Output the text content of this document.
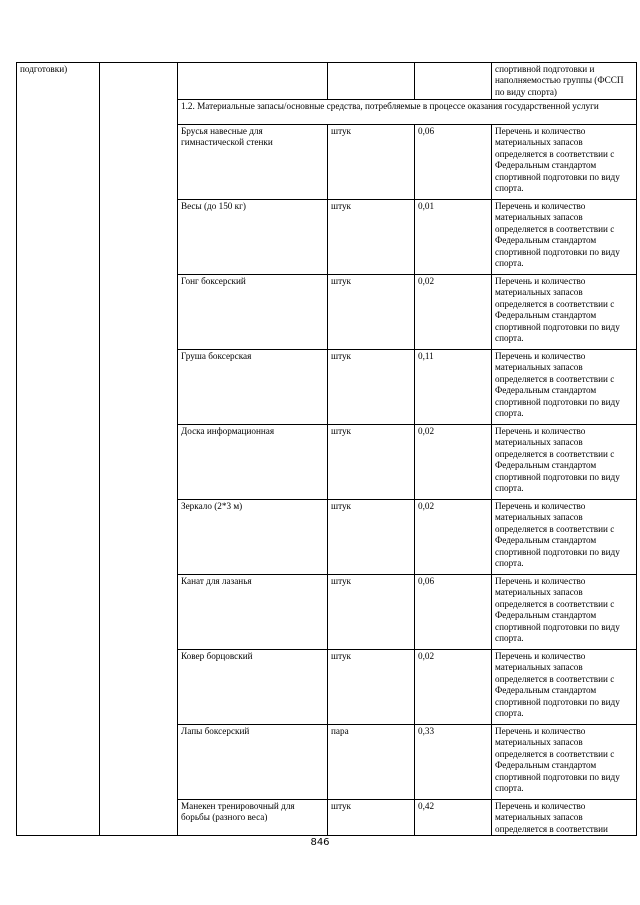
подготовки)					спортивной подготовки и наполняемостью группы (ФССП по виду спорта)
		1.2. Материальные запасы/основные средства, потребляемые в процессе оказания государственной услуги			
		Брусья навесные для гимнастической стенки	штук	0,06	Перечень и количество материальных запасов определяется в соответствии с Федеральным стандартом спортивной подготовки по виду спорта.
		Весы (до 150 кг)	штук	0,01	Перечень и количество материальных запасов определяется в соответствии с Федеральным стандартом спортивной подготовки по виду спорта.
		Гонг боксерский	штук	0,02	Перечень и количество материальных запасов определяется в соответствии с Федеральным стандартом спортивной подготовки по виду спорта.
		Груша боксерская	штук	0,11	Перечень и количество материальных запасов определяется в соответствии с Федеральным стандартом спортивной подготовки по виду спорта.
		Доска информационная	штук	0,02	Перечень и количество материальных запасов определяется в соответствии с Федеральным стандартом спортивной подготовки по виду спорта.
		Зеркало (2*3 м)	штук	0,02	Перечень и количество материальных запасов определяется в соответствии с Федеральным стандартом спортивной подготовки по виду спорта.
		Канат для лазанья	штук	0,06	Перечень и количество материальных запасов определяется в соответствии с Федеральным стандартом спортивной подготовки по виду спорта.
		Ковер борцовский	штук	0,02	Перечень и количество материальных запасов определяется в соответствии с Федеральным стандартом спортивной подготовки по виду спорта.
		Лапы боксерский	пара	0,33	Перечень и количество материальных запасов определяется в соответствии с Федеральным стандартом спортивной подготовки по виду спорта.
		Манекен тренировочный для борьбы (разного веса)	штук	0,42	Перечень и количество материальных запасов определяется в соответствии
846
